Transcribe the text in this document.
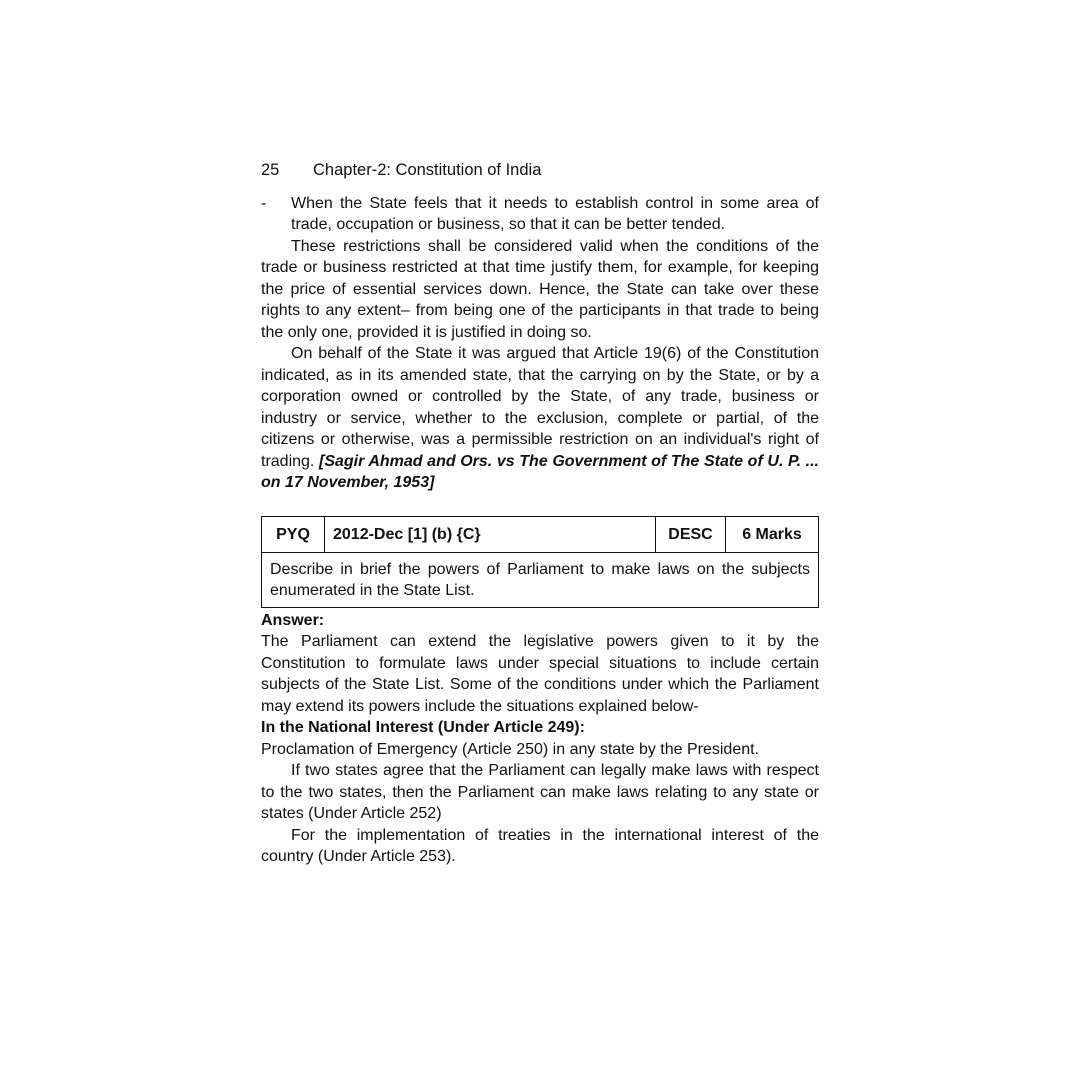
25	Chapter-2: Constitution of India
-	When the State feels that it needs to establish control in some area of trade, occupation or business, so that it can be better tended.

These restrictions shall be considered valid when the conditions of the trade or business restricted at that time justify them, for example, for keeping the price of essential services down. Hence, the State can take over these rights to any extent– from being one of the participants in that trade to being the only one, provided it is justified in doing so.

On behalf of the State it was argued that Article 19(6) of the Constitution indicated, as in its amended state, that the carrying on by the State, or by a corporation owned or controlled by the State, of any trade, business or industry or service, whether to the exclusion, complete or partial, of the citizens or otherwise, was a permissible restriction on an individual's right of trading. [Sagir Ahmad and Ors. vs The Government of The State of U. P. ... on 17 November, 1953]

PYQ	2012-Dec [1] (b) {C}	DESC	6 Marks
Describe in brief the powers of Parliament to make laws on the subjects enumerated in the State List.
Answer:

The Parliament can extend the legislative powers given to it by the Constitution to formulate laws under special situations to include certain subjects of the State List. Some of the conditions under which the Parliament may extend its powers include the situations explained below-

In the National Interest (Under Article 249):

Proclamation of Emergency (Article 250) in any state by the President.

If two states agree that the Parliament can legally make laws with respect to the two states, then the Parliament can make laws relating to any state or states (Under Article 252)

For the implementation of treaties in the international interest of the country (Under Article 253).
